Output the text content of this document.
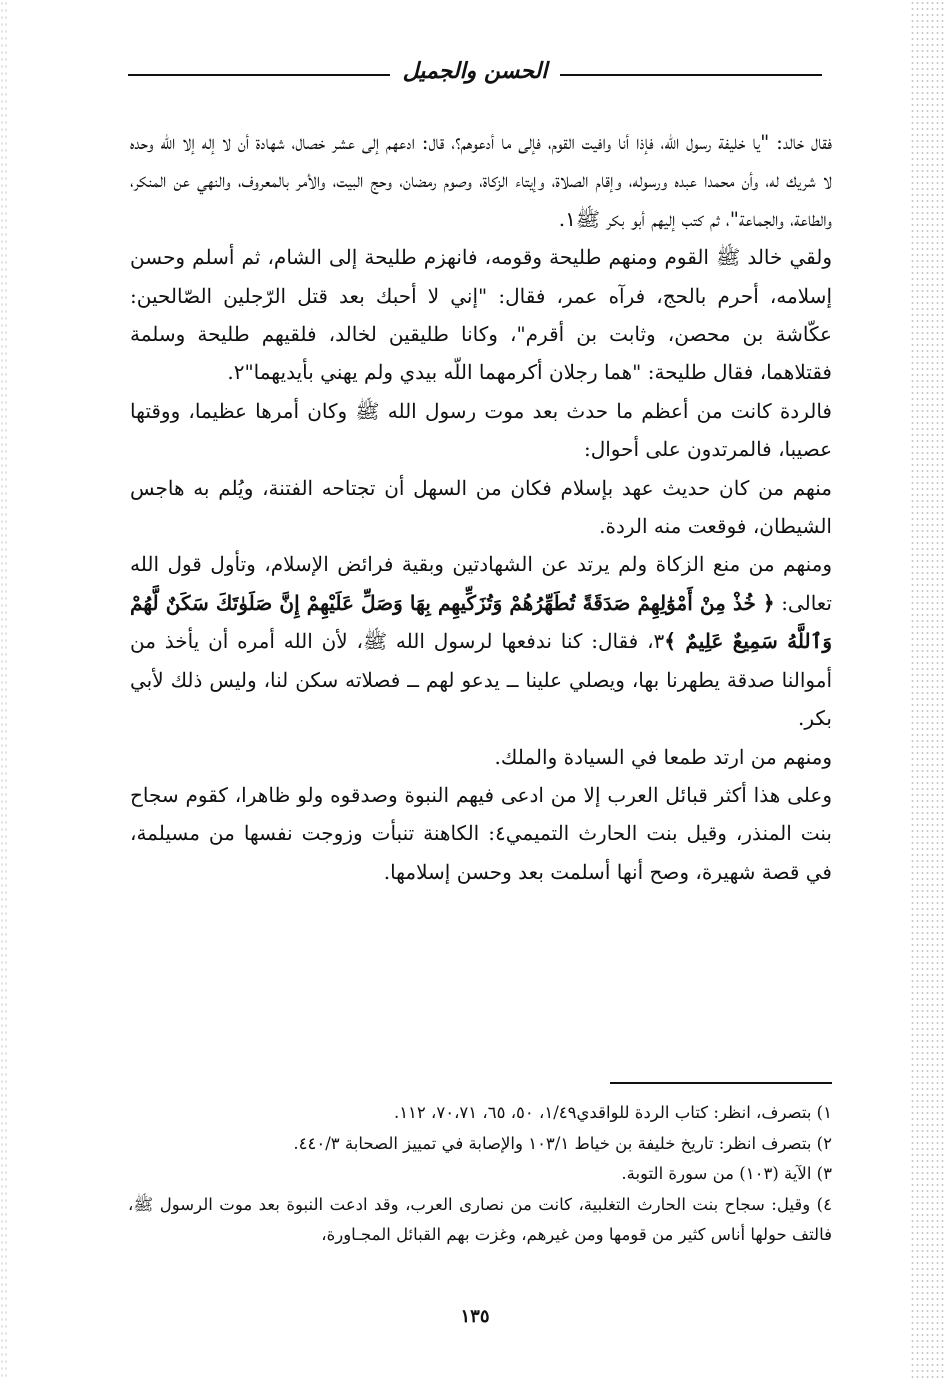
الحسن والجميل

فقال خالد: "يا خليفة رسول الله، فإذا أنا وافيت القوم، فإلى ما أدعوهم؟، قال: ادعهم إلى عشر خصال، شهادة أن لا إله إلا الله وحده لا شريك له، وأن محمدا عبده ورسوله، وإقام الصلاة، وإيتاء الزكاة، وصوم رمضان، وحج البيت، والأمر بالمعروف، والنهي عن المنكر، والطاعة، والجماعة"، ثم كتب إليهم أبو بكر ﷺ١.

ولقي خالد ﷺ القوم ومنهم طليحة وقومه، فانهزم طليحة إلى الشام، ثم أسلم وحسن إسلامه، أحرم بالحج، فرآه عمر، فقال: "إني لا أحبك بعد قتل الرّجلين الصّالحين: عكّاشة بن محصن، وثابت بن أقرم"، وكانا طليقين لخالد، فلقيهم طليحة وسلمة فقتلاهما، فقال طليحة: "هما رجلان أكرمهما اللّه بيدي ولم يهني بأيديهما"٢.

فالردة كانت من أعظم ما حدث بعد موت رسول الله ﷺ وكان أمرها عظيما، ووقتها عصيبا، فالمرتدون على أحوال:

منهم من كان حديث عهد بإسلام فكان من السهل أن تجتاحه الفتنة، ويُلم به هاجس الشيطان، فوقعت منه الردة.

ومنهم من منع الزكاة ولم يرتد عن الشهادتين وبقية فرائض الإسلام، وتأول قول الله تعالى: ﴿ خُذْ مِنْ أَمْوَٰلِهِمْ صَدَقَةً تُطَهِّرُهُمْ وَتُزَكِّيهِم بِهَا وَصَلِّ عَلَيْهِمْ إِنَّ صَلَوٰتَكَ سَكَنٌ لَّهُمْ وَٱللَّهُ سَمِيعٌ عَلِيمٌ ﴾٣، فقال: كنا ندفعها لرسول الله ﷺ، لأن الله أمره أن يأخذ من أموالنا صدقة يطهرنا بها، ويصلي علينا ــ يدعو لهم ــ فصلاته سكن لنا، وليس ذلك لأبي بكر.

ومنهم من ارتد طمعا في السيادة والملك.

وعلى هذا أكثر قبائل العرب إلا من ادعى فيهم النبوة وصدقوه ولو ظاهرا، كقوم سجاح بنت المنذر، وقيل بنت الحارث التميمي٤: الكاهنة تنبأت وزوجت نفسها من مسيلمة، في قصة شهيرة، وصح أنها أسلمت بعد وحسن إسلامها.

١) بتصرف، انظر: كتاب الردة للواقدي١/٤٩، ٥٠، ٦٥، ٧٠،٧١، ١١٢.

٢) بتصرف انظر: تاريخ خليفة بن خياط ١٠٣/١ والإصابة في تمييز الصحابة ٤٤٠/٣.

٣) الآية (١٠٣) من سورة التوبة.

٤) وقيل: سجاح بنت الحارث التغلبية، كانت من نصارى العرب، وقد ادعت النبوة بعد موت الرسول ﷺ، فالتف حولها أناس كثير من قومها ومن غيرهم، وغزت بهم القبائل المجـاورة،

١٣٥
